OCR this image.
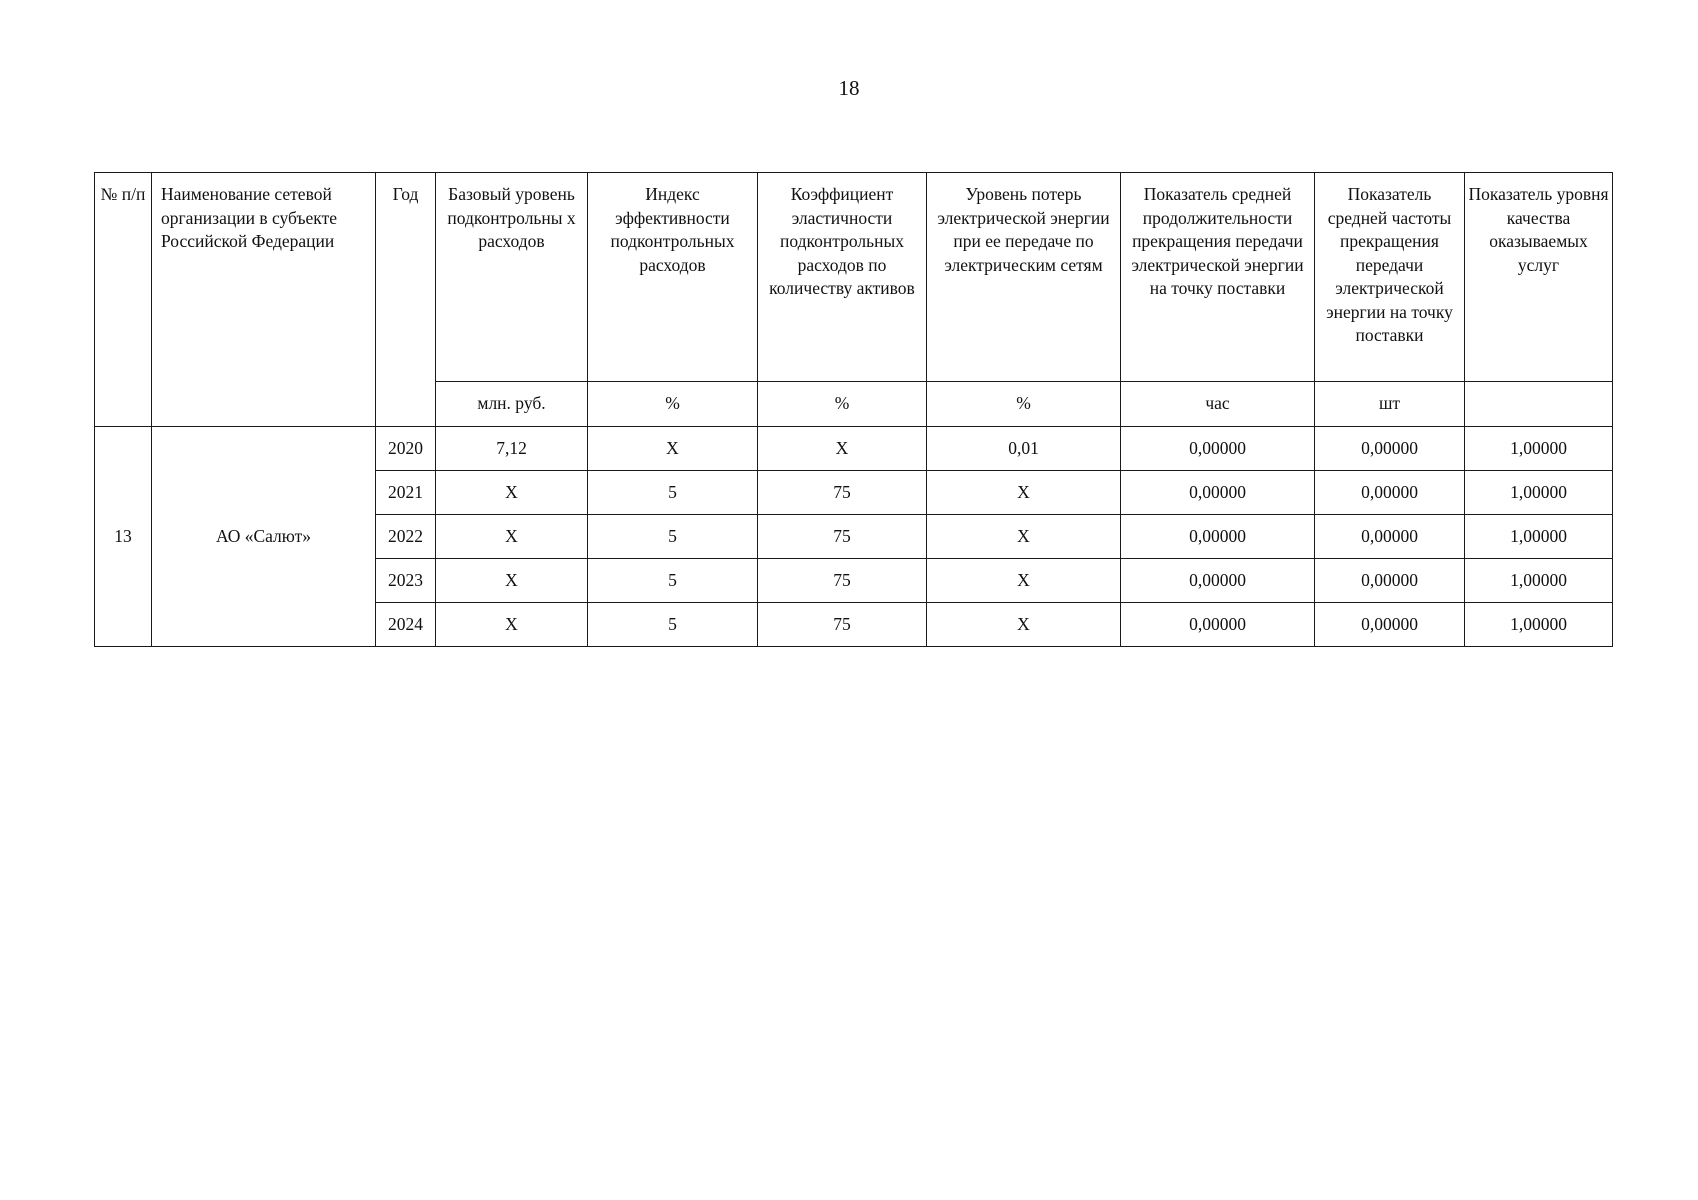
18
№ п/п	Наименование сетевой организации в субъекте Российской Федерации	Год	Базовый уровень подконтрольны х расходов	Индекс эффективности подконтрольных расходов	Коэффициент эластичности подконтрольных расходов по количеству активов	Уровень потерь электрической энергии при ее передаче по электрическим сетям	Показатель средней продолжительности прекращения передачи электрической энергии на точку поставки	Показатель средней частоты прекращения передачи электрической энергии на точку поставки	Показатель уровня качества оказываемых услуг
			млн. руб.	%	%	%	час	шт	
13	АО «Салют»	2020	7,12	X	X	0,01	0,00000	0,00000	1,00000
		2021	X	5	75	X	0,00000	0,00000	1,00000
		2022	X	5	75	X	0,00000	0,00000	1,00000
		2023	X	5	75	X	0,00000	0,00000	1,00000
		2024	X	5	75	X	0,00000	0,00000	1,00000
